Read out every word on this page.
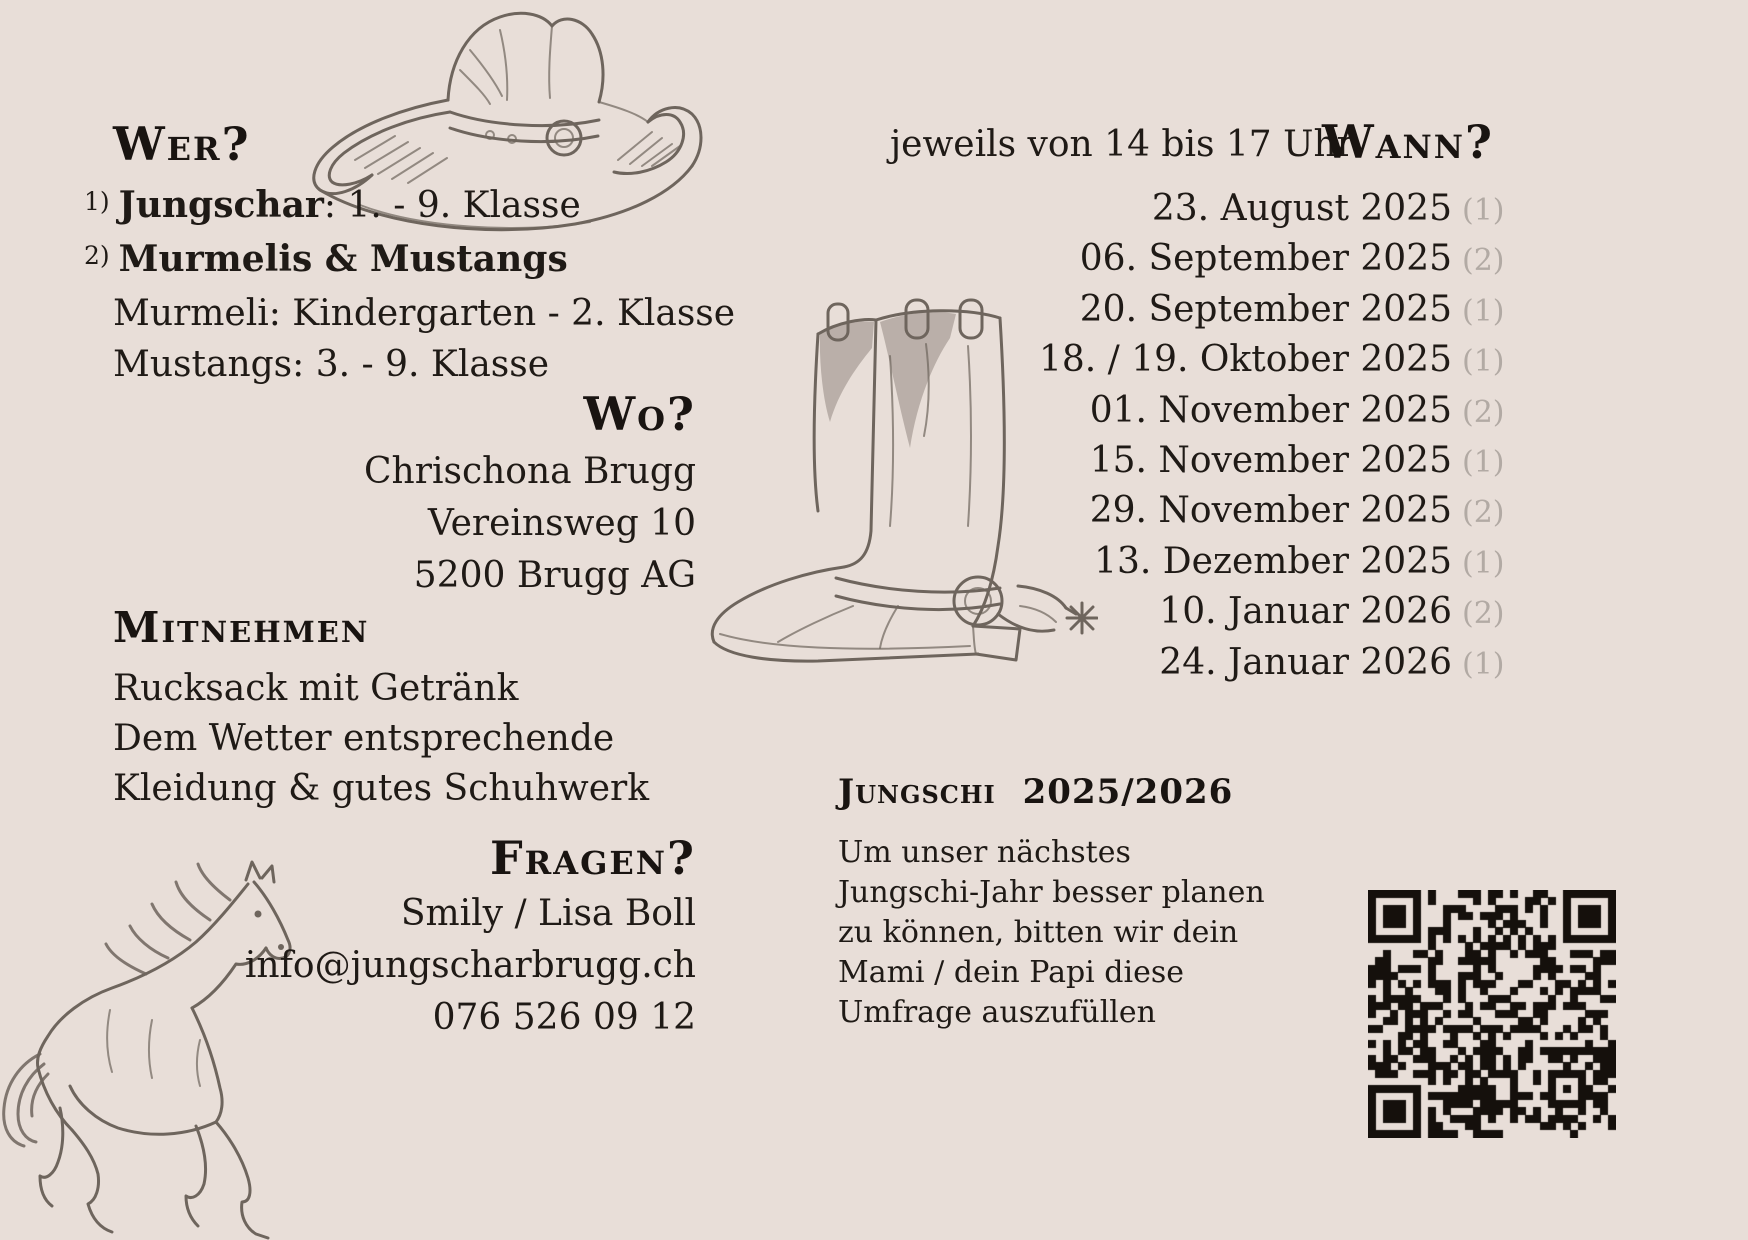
Wer?
1) Jungschar: 1. - 9. Klasse
2) Murmelis & Mustangs
Murmeli: Kindergarten - 2. Klasse
Mustangs: 3. - 9. Klasse
Wo?
Chrischona Brugg
Vereinsweg 10
5200 Brugg AG
Mitnehmen
Rucksack mit Getränk
Dem Wetter entsprechende
Kleidung & gutes Schuhwerk
Fragen?
Smily / Lisa Boll
info@jungscharbrugg.ch
076 526 09 12
jeweils von 14 bis 17 Uhr
Wann?
23. August 2025 (1)
06. September 2025 (2)
20. September 2025 (1)
18. / 19. Oktober 2025 (1)
01. November 2025 (2)
15. November 2025 (1)
29. November 2025 (2)
13. Dezember 2025 (1)
10. Januar 2026 (2)
24. Januar 2026 (1)
Jungschi 2025/2026
Um unser nächstes
Jungschi-Jahr besser planen
zu können, bitten wir dein
Mami / dein Papi diese
Umfrage auszufüllen
